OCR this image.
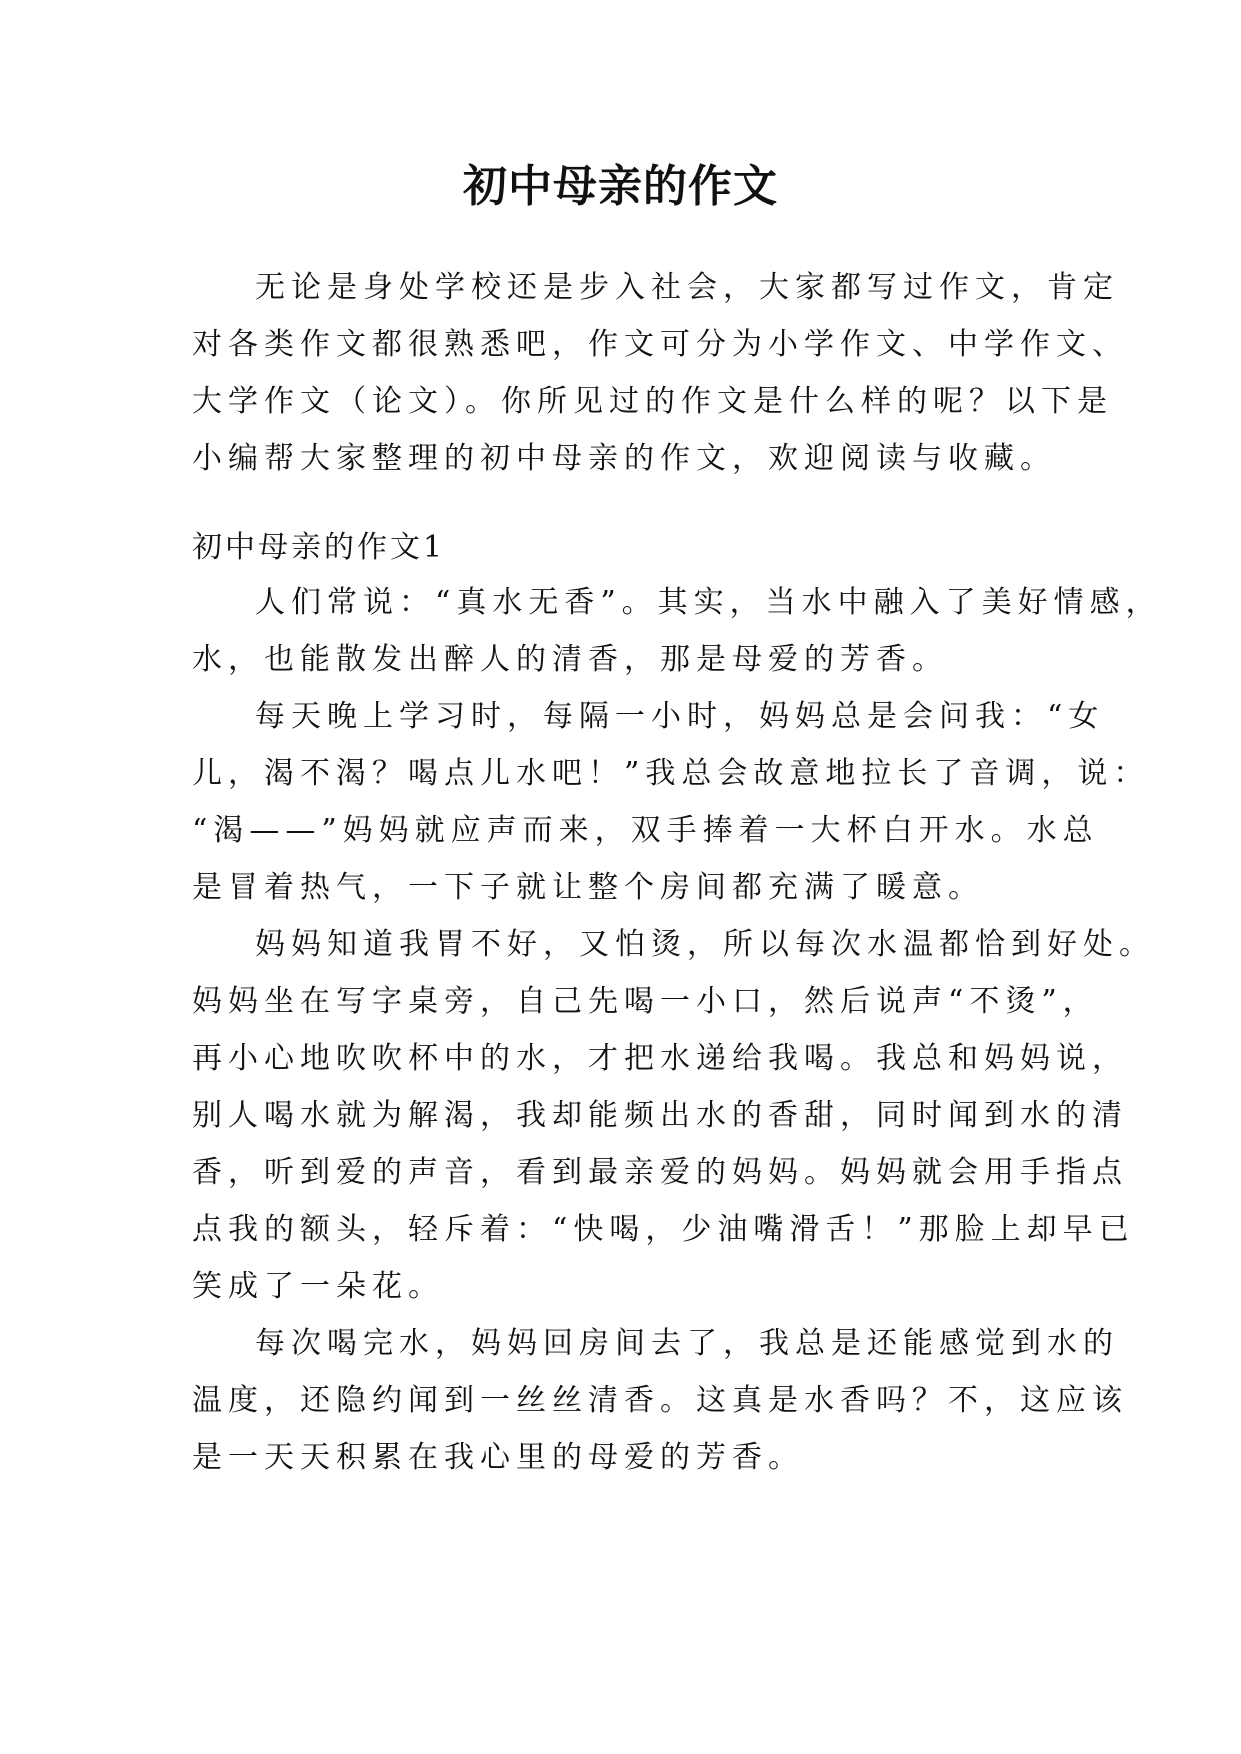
初中母亲的作文
无论是身处学校还是步入社会，大家都写过作文，肯定
对各类作文都很熟悉吧，作文可分为小学作文、中学作文、
大学作文（论文）。你所见过的作文是什么样的呢？以下是
小编帮大家整理的初中母亲的作文，欢迎阅读与收藏。
初中母亲的作文1
人们常说：“真水无香”。其实，当水中融入了美好情感，
水，也能散发出醉人的清香，那是母爱的芳香。
每天晚上学习时，每隔一小时，妈妈总是会问我：“女
儿，渴不渴？喝点儿水吧！”我总会故意地拉长了音调，说：
“渴——”妈妈就应声而来，双手捧着一大杯白开水。水总
是冒着热气，一下子就让整个房间都充满了暖意。
妈妈知道我胃不好，又怕烫，所以每次水温都恰到好处。
妈妈坐在写字桌旁，自己先喝一小口，然后说声“不烫”，
再小心地吹吹杯中的水，才把水递给我喝。我总和妈妈说，
别人喝水就为解渴，我却能频出水的香甜，同时闻到水的清
香，听到爱的声音，看到最亲爱的妈妈。妈妈就会用手指点
点我的额头，轻斥着：“快喝，少油嘴滑舌！”那脸上却早已
笑成了一朵花。
每次喝完水，妈妈回房间去了，我总是还能感觉到水的
温度，还隐约闻到一丝丝清香。这真是水香吗？不，这应该
是一天天积累在我心里的母爱的芳香。
